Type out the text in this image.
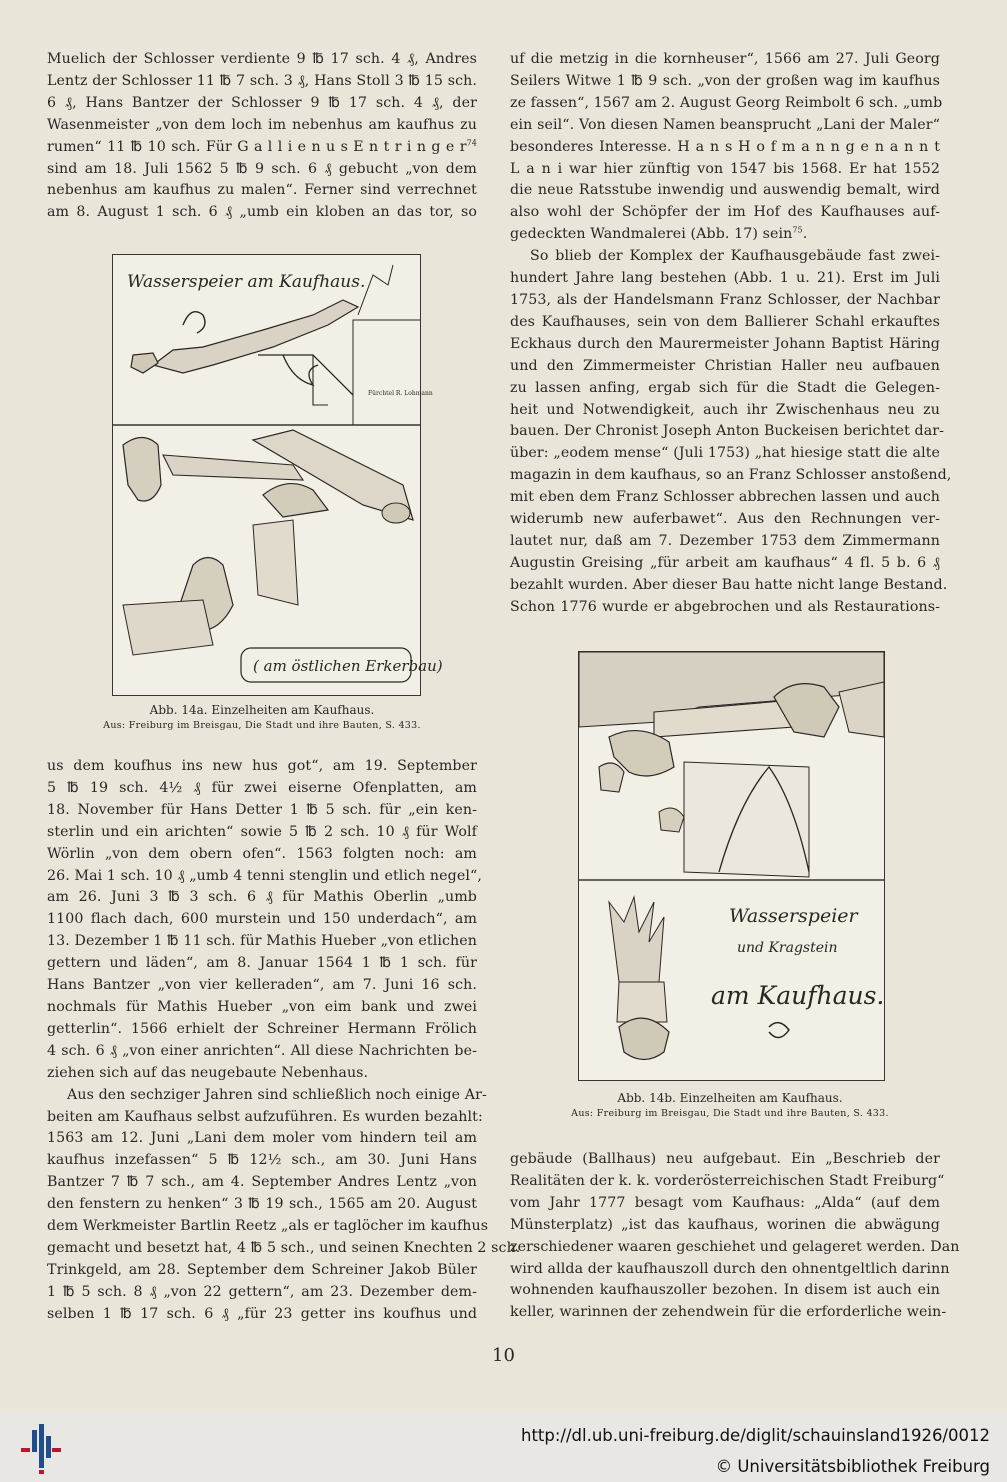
Muelich der Schlosser verdiente 9 ℔ 17 sch. 4 ₰, Andres
Lentz der Schlosser 11 ℔ 7 sch. 3 ₰, Hans Stoll 3 ℔ 15 sch.
6 ₰, Hans Bantzer der Schlosser 9 ℔ 17 sch. 4 ₰, der
Wasenmeister „von dem loch im nebenhus am kaufhus zu
rumen“ 11 ℔ 10 sch. Für G a l l i e n u s E n t r i n g e r$^{74}$
sind am 18. Juli 1562 5 ℔ 9 sch. 6 ₰ gebucht „von dem
nebenhus am kaufhus zu malen“. Ferner sind verrechnet
am 8. August 1 sch. 6 ₰ „umb ein kloben an das tor, so
Wasserspeier am Kaufhaus.
Fürchtel R. Lohmann
( am östlichen Erkerbau)
Abb. 14a. Einzelheiten am Kaufhaus.
Aus: Freiburg im Breisgau, Die Stadt und ihre Bauten, S. 433.
us dem koufhus ins new hus got“, am 19. September
5 ℔ 19 sch. 4½ ₰ für zwei eiserne Ofenplatten, am
18. November für Hans Detter 1 ℔ 5 sch. für „ein ken-
sterlin und ein arichten“ sowie 5 ℔ 2 sch. 10 ₰ für Wolf
Wörlin „von dem obern ofen“. 1563 folgten noch: am
26. Mai 1 sch. 10 ₰ „umb 4 tenni stenglin und etlich negel“,
am 26. Juni 3 ℔ 3 sch. 6 ₰ für Mathis Oberlin „umb
1100 flach dach, 600 murstein und 150 underdach“, am
13. Dezember 1 ℔ 11 sch. für Mathis Hueber „von etlichen
gettern und läden“, am 8. Januar 1564 1 ℔ 1 sch. für
Hans Bantzer „von vier kelleraden“, am 7. Juni 16 sch.
nochmals für Mathis Hueber „von eim bank und zwei
getterlin“. 1566 erhielt der Schreiner Hermann Frölich
4 sch. 6 ₰ „von einer anrichten“. All diese Nachrichten be-
ziehen sich auf das neugebaute Nebenhaus.
Aus den sechziger Jahren sind schließlich noch einige Ar-
beiten am Kaufhaus selbst aufzuführen. Es wurden bezahlt:
1563 am 12. Juni „Lani dem moler vom hindern teil am
kaufhus inzefassen“ 5 ℔ 12½ sch., am 30. Juni Hans
Bantzer 7 ℔ 7 sch., am 4. September Andres Lentz „von
den fenstern zu henken“ 3 ℔ 19 sch., 1565 am 20. August
dem Werkmeister Bartlin Reetz „als er taglöcher im kaufhus
gemacht und besetzt hat, 4 ℔ 5 sch., und seinen Knechten 2 sch.
Trinkgeld, am 28. September dem Schreiner Jakob Büler
1 ℔ 5 sch. 8 ₰ „von 22 gettern“, am 23. Dezember dem-
selben 1 ℔ 17 sch. 6 ₰ „für 23 getter ins koufhus und
uf die metzig in die kornheuser“, 1566 am 27. Juli Georg
Seilers Witwe 1 ℔ 9 sch. „von der großen wag im kaufhus
ze fassen“, 1567 am 2. August Georg Reimbolt 6 sch. „umb
ein seil“. Von diesen Namen beansprucht „Lani der Maler“
besonderes Interesse. H a n s H o f m a n n g e n a n n t
L a n i war hier zünftig von 1547 bis 1568. Er hat 1552
die neue Ratsstube inwendig und auswendig bemalt, wird
also wohl der Schöpfer der im Hof des Kaufhauses auf-
gedeckten Wandmalerei (Abb. 17) sein$^{75}$.
So blieb der Komplex der Kaufhausgebäude fast zwei-
hundert Jahre lang bestehen (Abb. 1 u. 21). Erst im Juli
1753, als der Handelsmann Franz Schlosser, der Nachbar
des Kaufhauses, sein von dem Ballierer Schahl erkauftes
Eckhaus durch den Maurermeister Johann Baptist Häring
und den Zimmermeister Christian Haller neu aufbauen
zu lassen anfing, ergab sich für die Stadt die Gelegen-
heit und Notwendigkeit, auch ihr Zwischenhaus neu zu
bauen. Der Chronist Joseph Anton Buckeisen berichtet dar-
über: „eodem mense“ (Juli 1753) „hat hiesige statt die alte
magazin in dem kaufhaus, so an Franz Schlosser anstoßend,
mit eben dem Franz Schlosser abbrechen lassen und auch
widerumb new auferbawet“. Aus den Rechnungen ver-
lautet nur, daß am 7. Dezember 1753 dem Zimmermann
Augustin Greising „für arbeit am kaufhaus“ 4 fl. 5 b. 6 ₰
bezahlt wurden. Aber dieser Bau hatte nicht lange Bestand.
Schon 1776 wurde er abgebrochen und als Restaurations-
Wasserspeier
und Kragstein
am Kaufhaus.
Abb. 14b. Einzelheiten am Kaufhaus.
Aus: Freiburg im Breisgau, Die Stadt und ihre Bauten, S. 433.
gebäude (Ballhaus) neu aufgebaut. Ein „Beschrieb der
Realitäten der k. k. vorderösterreichischen Stadt Freiburg“
vom Jahr 1777 besagt vom Kaufhaus: „Alda“ (auf dem
Münsterplatz) „ist das kaufhaus, worinen die abwägung
zerschiedener waaren geschiehet und gelageret werden. Dan
wird allda der kaufhauszoll durch den ohnentgeltlich darinn
wohnenden kaufhauszoller bezohen. In disem ist auch ein
keller, warinnen der zehendwein für die erforderliche wein-
10
http://dl.ub.uni-freiburg.de/diglit/schauinsland1926/0012
© Universitätsbibliothek Freiburg
